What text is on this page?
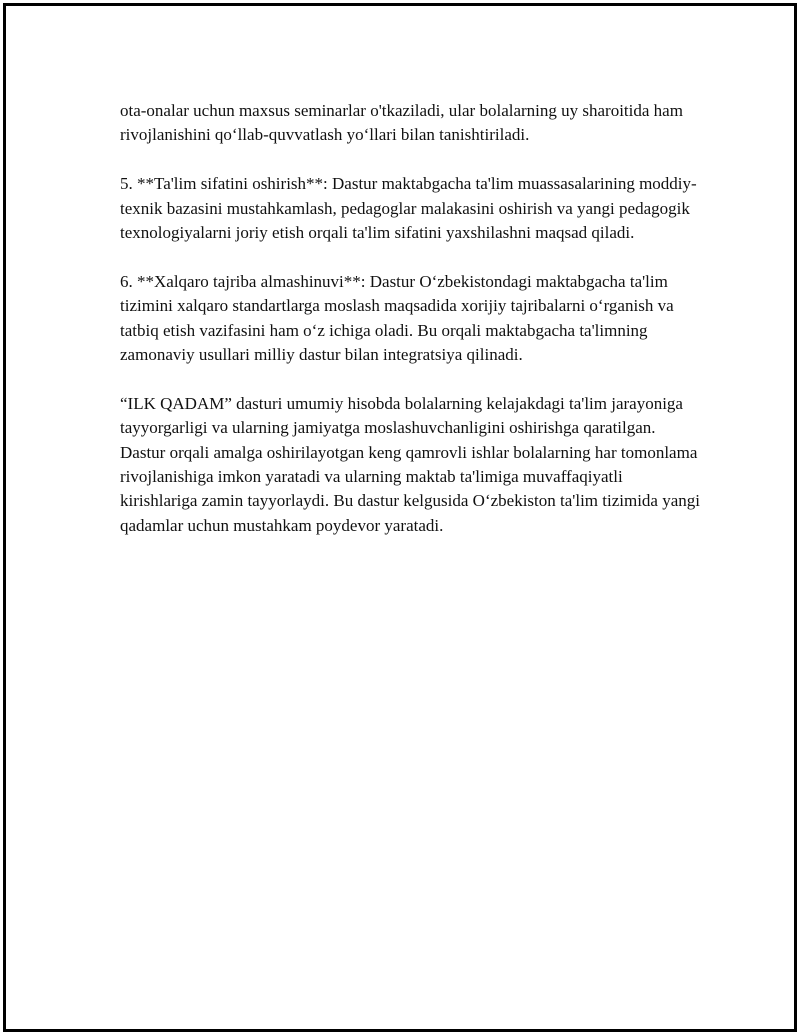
ota-onalar uchun maxsus seminarlar o'tkaziladi, ular bolalarning uy sharoitida ham rivojlanishini qo‘llab-quvvatlash yo‘llari bilan tanishtiriladi.

5. **Ta'lim sifatini oshirish**: Dastur maktabgacha ta'lim muassasalarining moddiy-texnik bazasini mustahkamlash, pedagoglar malakasini oshirish va yangi pedagogik texnologiyalarni joriy etish orqali ta'lim sifatini yaxshilashni maqsad qiladi.

6. **Xalqaro tajriba almashinuvi**: Dastur O‘zbekistondagi maktabgacha ta'lim tizimini xalqaro standartlarga moslash maqsadida xorijiy tajribalarni o‘rganish va tatbiq etish vazifasini ham o‘z ichiga oladi. Bu orqali maktabgacha ta'limning zamonaviy usullari milliy dastur bilan integratsiya qilinadi.

“ILK QADAM” dasturi umumiy hisobda bolalarning kelajakdagi ta'lim jarayoniga tayyorgarligi va ularning jamiyatga moslashuvchanligini oshirishga qaratilgan. Dastur orqali amalga oshirilayotgan keng qamrovli ishlar bolalarning har tomonlama rivojlanishiga imkon yaratadi va ularning maktab ta'limiga muvaffaqiyatli kirishlariga zamin tayyorlaydi. Bu dastur kelgusida O‘zbekiston ta'lim tizimida yangi qadamlar uchun mustahkam poydevor yaratadi.
